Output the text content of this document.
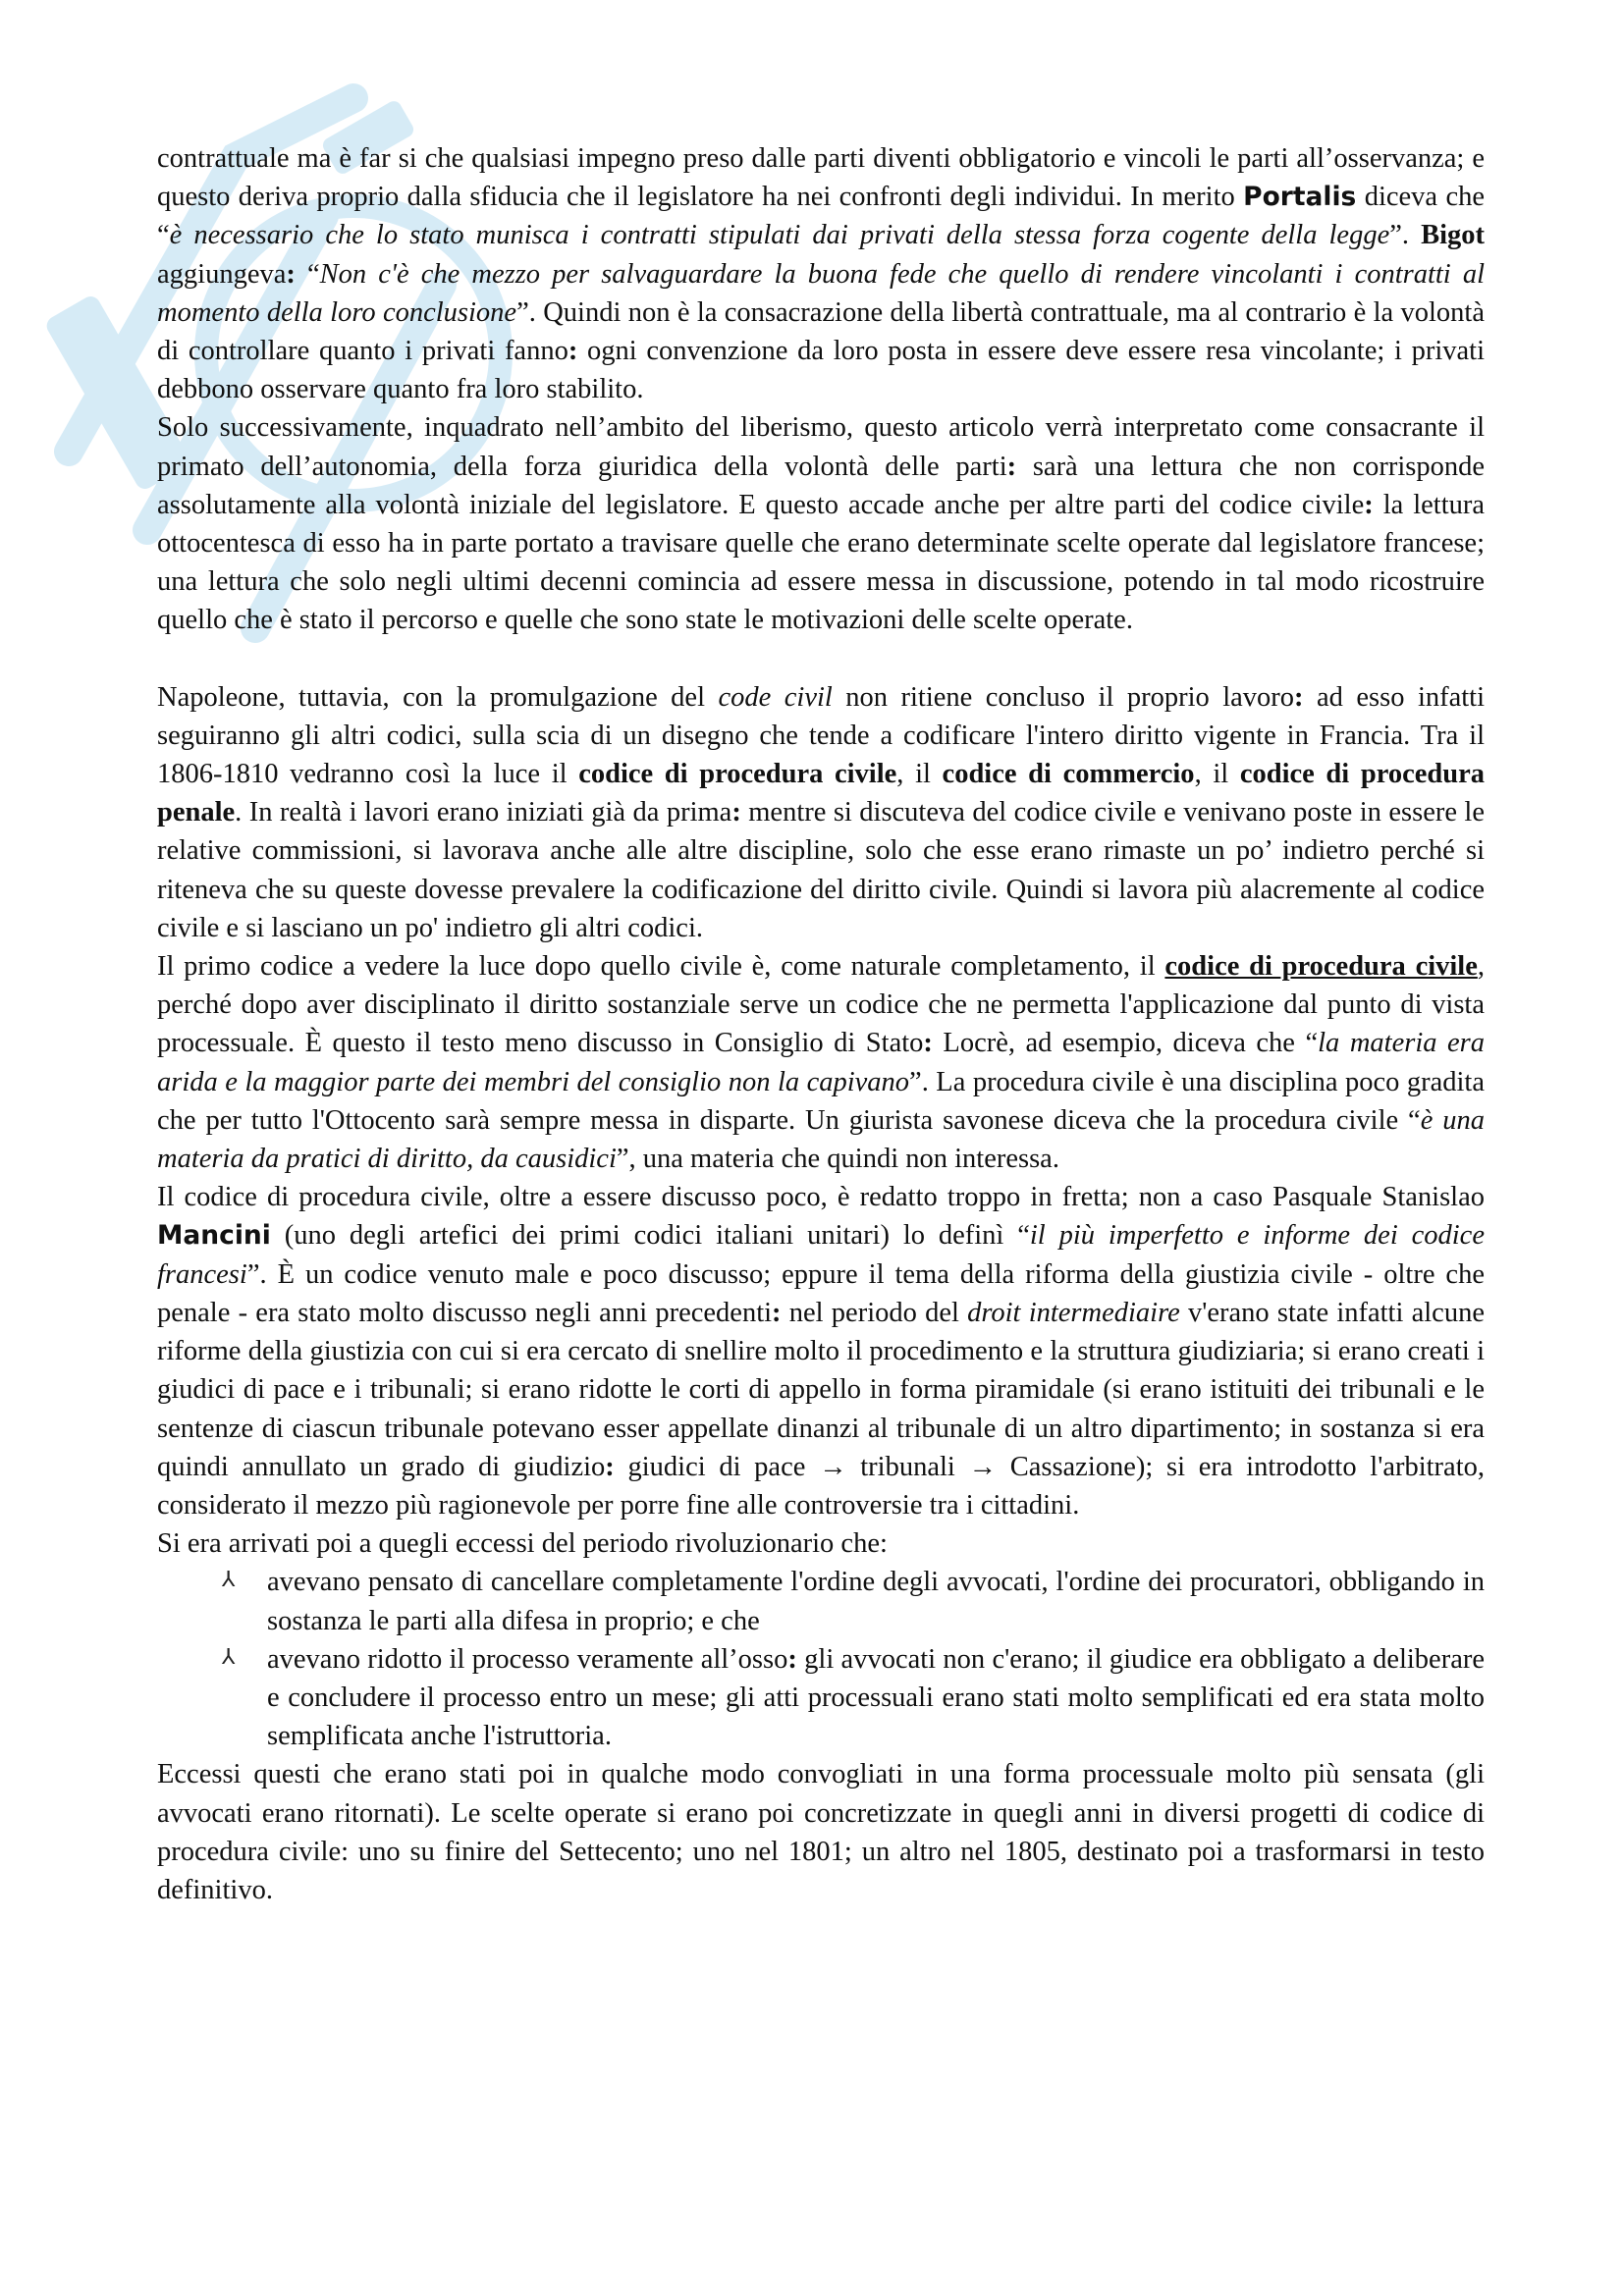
contrattuale ma è far si che qualsiasi impegno preso dalle parti diventi obbligatorio e vincoli le parti all’osservanza; e questo deriva proprio dalla sfiducia che il legislatore ha nei confronti degli individui. In merito Portalis diceva che “è necessario che lo stato munisca i contratti stipulati dai privati della stessa forza cogente della legge”. Bigot aggiungeva: “Non c'è che mezzo per salvaguardare la buona fede che quello di rendere vincolanti i contratti al momento della loro conclusione”. Quindi non è la consacrazione della libertà contrattuale, ma al contrario è la volontà di controllare quanto i privati fanno: ogni convenzione da loro posta in essere deve essere resa vincolante; i privati debbono osservare quanto fra loro stabilito.

Solo successivamente, inquadrato nell’ambito del liberismo, questo articolo verrà interpretato come consacrante il primato dell’autonomia, della forza giuridica della volontà delle parti: sarà una lettura che non corrisponde assolutamente alla volontà iniziale del legislatore. E questo accade anche per altre parti del codice civile: la lettura ottocentesca di esso ha in parte portato a travisare quelle che erano determinate scelte operate dal legislatore francese; una lettura che solo negli ultimi decenni comincia ad essere messa in discussione, potendo in tal modo ricostruire quello che è stato il percorso e quelle che sono state le motivazioni delle scelte operate.

Napoleone, tuttavia, con la promulgazione del code civil non ritiene concluso il proprio lavoro: ad esso infatti seguiranno gli altri codici, sulla scia di un disegno che tende a codificare l'intero diritto vigente in Francia. Tra il 1806-1810 vedranno così la luce il codice di procedura civile, il codice di commercio, il codice di procedura penale. In realtà i lavori erano iniziati già da prima: mentre si discuteva del codice civile e venivano poste in essere le relative commissioni, si lavorava anche alle altre discipline, solo che esse erano rimaste un po’ indietro perché si riteneva che su queste dovesse prevalere la codificazione del diritto civile. Quindi si lavora più alacremente al codice civile e si lasciano un po' indietro gli altri codici.

Il primo codice a vedere la luce dopo quello civile è, come naturale completamento, il codice di procedura civile, perché dopo aver disciplinato il diritto sostanziale serve un codice che ne permetta l'applicazione dal punto di vista processuale. È questo il testo meno discusso in Consiglio di Stato: Locrè, ad esempio, diceva che “la materia era arida e la maggior parte dei membri del consiglio non la capivano”. La procedura civile è una disciplina poco gradita che per tutto l'Ottocento sarà sempre messa in disparte. Un giurista savonese diceva che la procedura civile “è una materia da pratici di diritto, da causidici”, una materia che quindi non interessa.

Il codice di procedura civile, oltre a essere discusso poco, è redatto troppo in fretta; non a caso Pasquale Stanislao Mancini (uno degli artefici dei primi codici italiani unitari) lo definì “il più imperfetto e informe dei codice francesi”. È un codice venuto male e poco discusso; eppure il tema della riforma della giustizia civile - oltre che penale - era stato molto discusso negli anni precedenti: nel periodo del droit intermediaire v'erano state infatti alcune riforme della giustizia con cui si era cercato di snellire molto il procedimento e la struttura giudiziaria; si erano creati i giudici di pace e i tribunali; si erano ridotte le corti di appello in forma piramidale (si erano istituiti dei tribunali e le sentenze di ciascun tribunale potevano esser appellate dinanzi al tribunale di un altro dipartimento; in sostanza si era quindi annullato un grado di giudizio: giudici di pace → tribunali → Cassazione); si era introdotto l'arbitrato, considerato il mezzo più ragionevole per porre fine alle controversie tra i cittadini.

Si era arrivati poi a quegli eccessi del periodo rivoluzionario che:

⅄ avevano pensato di cancellare completamente l'ordine degli avvocati, l'ordine dei procuratori, obbligando in sostanza le parti alla difesa in proprio; e che
⅄ avevano ridotto il processo veramente all’osso: gli avvocati non c'erano; il giudice era obbligato a deliberare e concludere il processo entro un mese; gli atti processuali erano stati molto semplificati ed era stata molto semplificata anche l'istruttoria.

Eccessi questi che erano stati poi in qualche modo convogliati in una forma processuale molto più sensata (gli avvocati erano ritornati). Le scelte operate si erano poi concretizzate in quegli anni in diversi progetti di codice di procedura civile: uno su finire del Settecento; uno nel 1801; un altro nel 1805, destinato poi a trasformarsi in testo definitivo.
